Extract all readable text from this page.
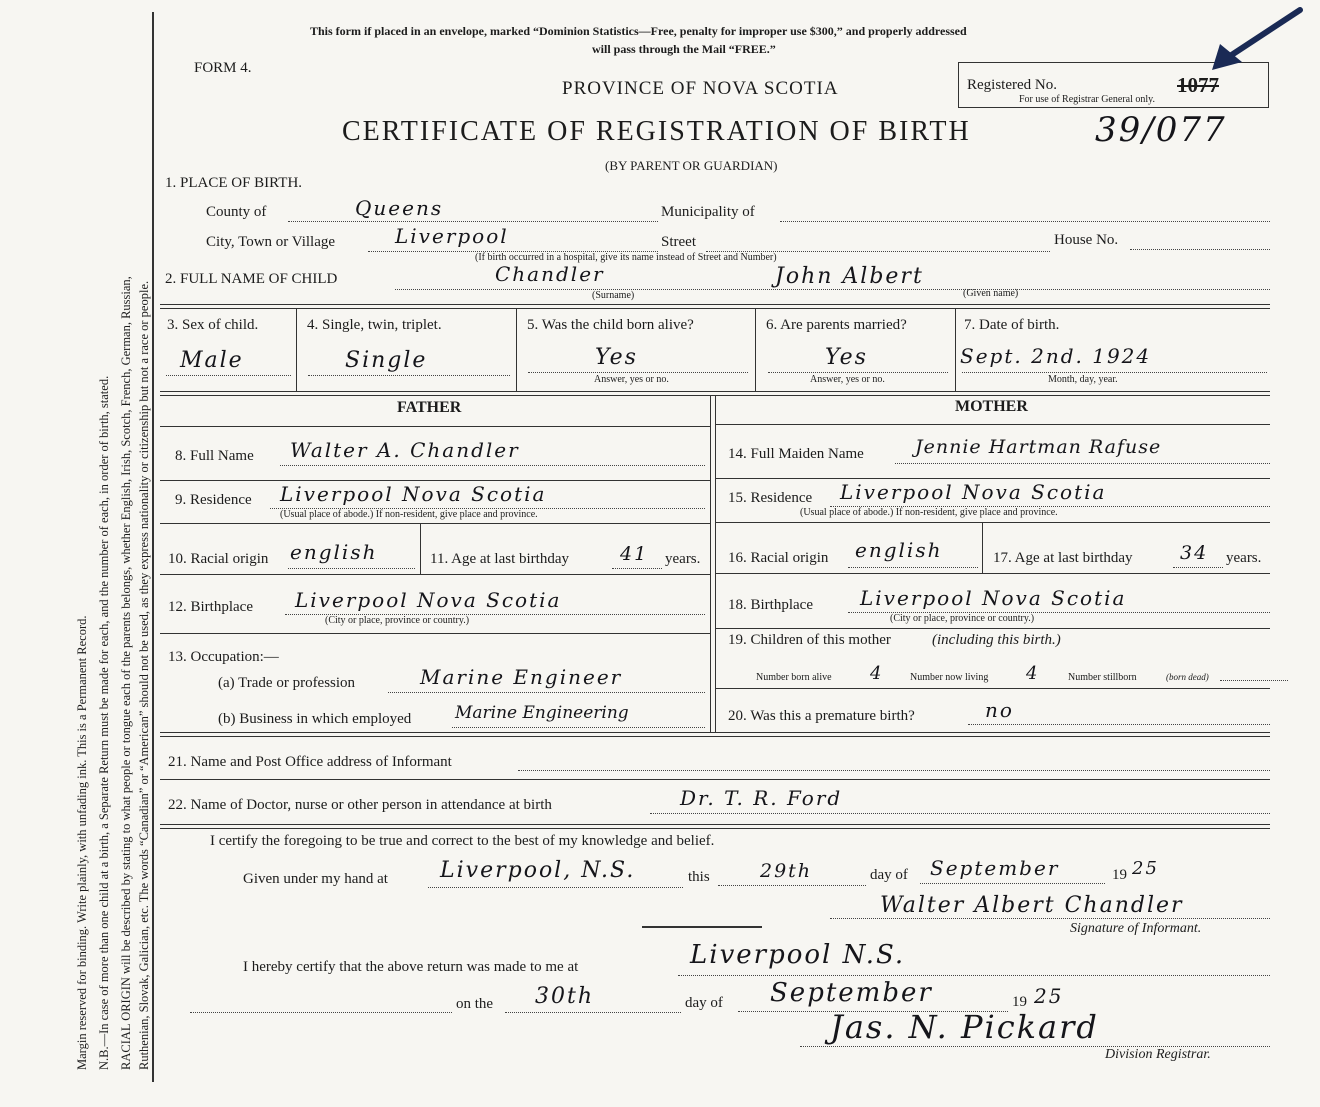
Margin reserved for binding. Write plainly, with unfading ink. This is a Permanent Record. N.B.—In case of more than one child at a birth, a Separate Return must be made for each, and the number of each, in order of birth, stated. RACIAL ORIGIN will be described by stating to what people or tongue each of the parents belongs, whether English, Irish, Scotch, French, German, Russian, Ruthenian, Slovak, Galician, etc. The words “Canadian” or “American” should not be used, as they express nationality or citizenship but not a race or people.
This form if placed in an envelope, marked “Dominion Statistics—Free, penalty for improper use $300,” and properly addressed
will pass through the Mail “FREE.”
FORM 4.
PROVINCE OF NOVA SCOTIA
CERTIFICATE OF REGISTRATION OF BIRTH	39/077
(BY PARENT OR GUARDIAN)
Registered No.	1077
For use of Registrar General only.
1. PLACE OF BIRTH.
County of	Queens	Municipality of
City, Town or Village	Liverpool	Street	House No.
(If birth occurred in a hospital, give its name instead of Street and Number)
2. FULL NAME OF CHILD	Chandler	John Albert
(Surname)	(Given name)
3. Sex of child.
Male
4. Single, twin, triplet.
Single
5. Was the child born alive?
Yes
Answer, yes or no.
6. Are parents married?
Yes
Answer, yes or no.
7. Date of birth.
Sept. 2nd. 1924
Month, day, year.
FATHER	MOTHER
8. Full Name Walter A. Chandler
9. Residence Liverpool Nova Scotia
(Usual place of abode.) If non-resident, give place and province.
10. Racial origin english	11. Age at last birthday	41 years.
12. Birthplace Liverpool Nova Scotia
(City or place, province or country.)
13. Occupation:—
(a) Trade or profession	Marine Engineer
(b) Business in which employed	Marine Engineering
14. Full Maiden Name	Jennie Hartman Rafuse
15. Residence Liverpool Nova Scotia
(Usual place of abode.) If non-resident, give place and province.
16. Racial origin english	17. Age at last birthday 34 years.
18. Birthplace Liverpool Nova Scotia
(City or place, province or country.)
19. Children of this mother	(including this birth.)
Number born alive 4	Number now living 4	Number stillborn	(born dead)
20. Was this a premature birth?	no
21. Name and Post Office address of Informant
22. Name of Doctor, nurse or other person in attendance at birth	Dr. T. R. Ford
I certify the foregoing to be true and correct to the best of my knowledge and belief.
Given under my hand at Liverpool, N.S.	this	29th	day of September	19 25
Walter Albert Chandler
Signature of Informant.
I hereby certify that the above return was made to me at	Liverpool N.S.
on the 30th	day of September	19 25
Jas. N. Pickard
Division Registrar.
